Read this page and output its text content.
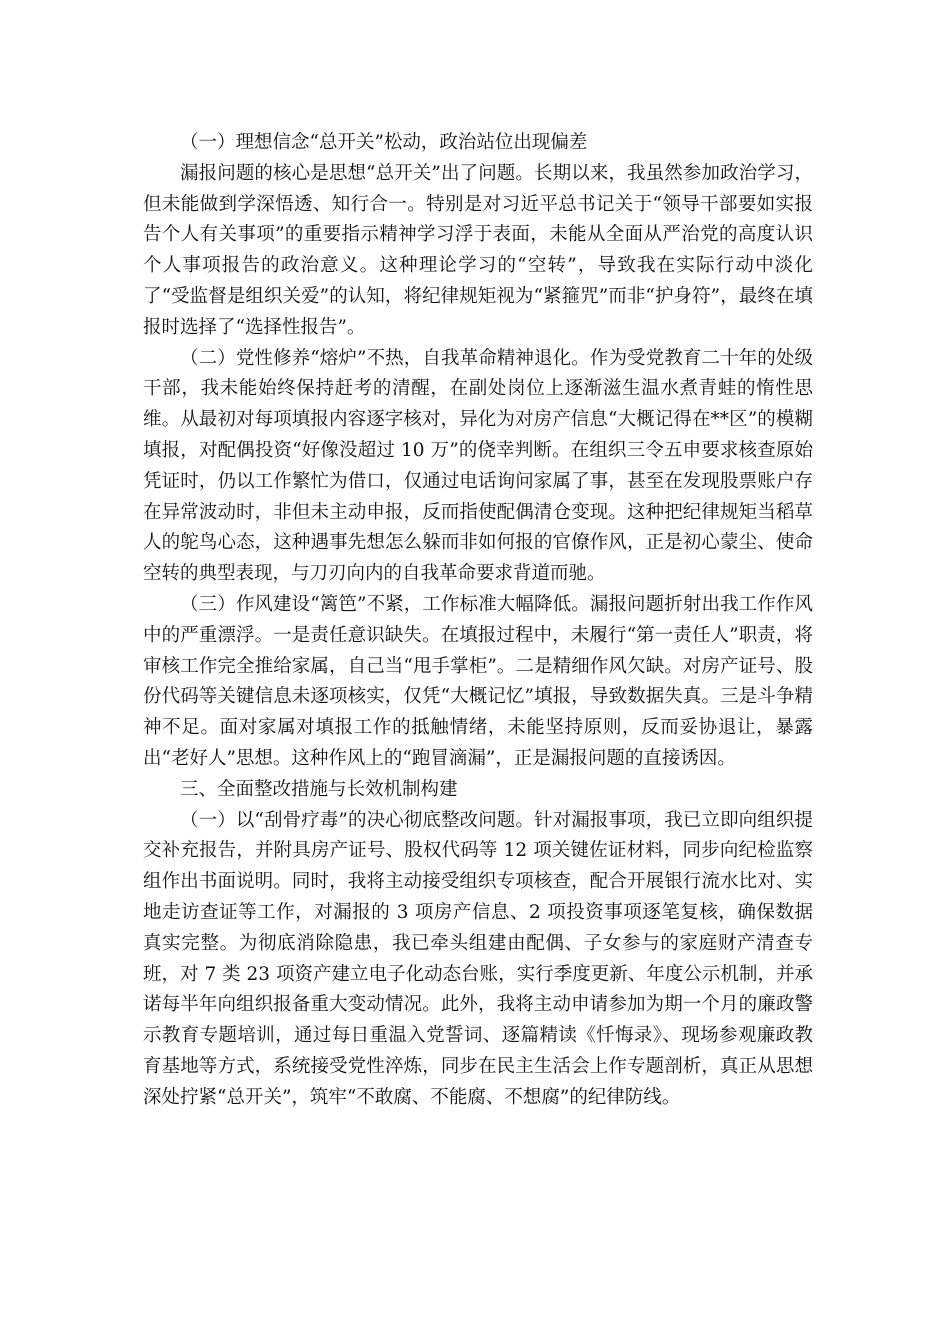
（一）理想信念“总开关”松动，政治站位出现偏差

漏报问题的核心是思想“总开关”出了问题。长期以来，我虽然参加政治学习，但未能做到学深悟透、知行合一。特别是对习近平总书记关于“领导干部要如实报告个人有关事项”的重要指示精神学习浮于表面，未能从全面从严治党的高度认识个人事项报告的政治意义。这种理论学习的“空转”，导致我在实际行动中淡化了“受监督是组织关爱”的认知，将纪律规矩视为“紧箍咒”而非“护身符”，最终在填报时选择了“选择性报告”。

（二）党性修养“熔炉”不热，自我革命精神退化。作为受党教育二十年的处级干部，我未能始终保持赶考的清醒，在副处岗位上逐渐滋生温水煮青蛙的惰性思维。从最初对每项填报内容逐字核对，异化为对房产信息“大概记得在**区”的模糊填报，对配偶投资“好像没超过 10 万”的侥幸判断。在组织三令五申要求核查原始凭证时，仍以工作繁忙为借口，仅通过电话询问家属了事，甚至在发现股票账户存在异常波动时，非但未主动申报，反而指使配偶清仓变现。这种把纪律规矩当稻草人的鸵鸟心态，这种遇事先想怎么躲而非如何报的官僚作风，正是初心蒙尘、使命空转的典型表现，与刀刃向内的自我革命要求背道而驰。

（三）作风建设“篱笆”不紧，工作标准大幅降低。漏报问题折射出我工作作风中的严重漂浮。一是责任意识缺失。在填报过程中，未履行“第一责任人”职责，将审核工作完全推给家属，自己当“甩手掌柜”。二是精细作风欠缺。对房产证号、股份代码等关键信息未逐项核实，仅凭“大概记忆”填报，导致数据失真。三是斗争精神不足。面对家属对填报工作的抵触情绪，未能坚持原则，反而妥协退让，暴露出“老好人”思想。这种作风上的“跑冒滴漏”，正是漏报问题的直接诱因。

三、全面整改措施与长效机制构建

（一）以“刮骨疗毒”的决心彻底整改问题。针对漏报事项，我已立即向组织提交补充报告，并附具房产证号、股权代码等 12 项关键佐证材料，同步向纪检监察组作出书面说明。同时，我将主动接受组织专项核查，配合开展银行流水比对、实地走访查证等工作，对漏报的 3 项房产信息、2 项投资事项逐笔复核，确保数据真实完整。为彻底消除隐患，我已牵头组建由配偶、子女参与的家庭财产清查专班，对 7 类 23 项资产建立电子化动态台账，实行季度更新、年度公示机制，并承诺每半年向组织报备重大变动情况。此外，我将主动申请参加为期一个月的廉政警示教育专题培训，通过每日重温入党誓词、逐篇精读《忏悔录》、现场参观廉政教育基地等方式，系统接受党性淬炼，同步在民主生活会上作专题剖析，真正从思想深处拧紧“总开关”，筑牢“不敢腐、不能腐、不想腐”的纪律防线。
